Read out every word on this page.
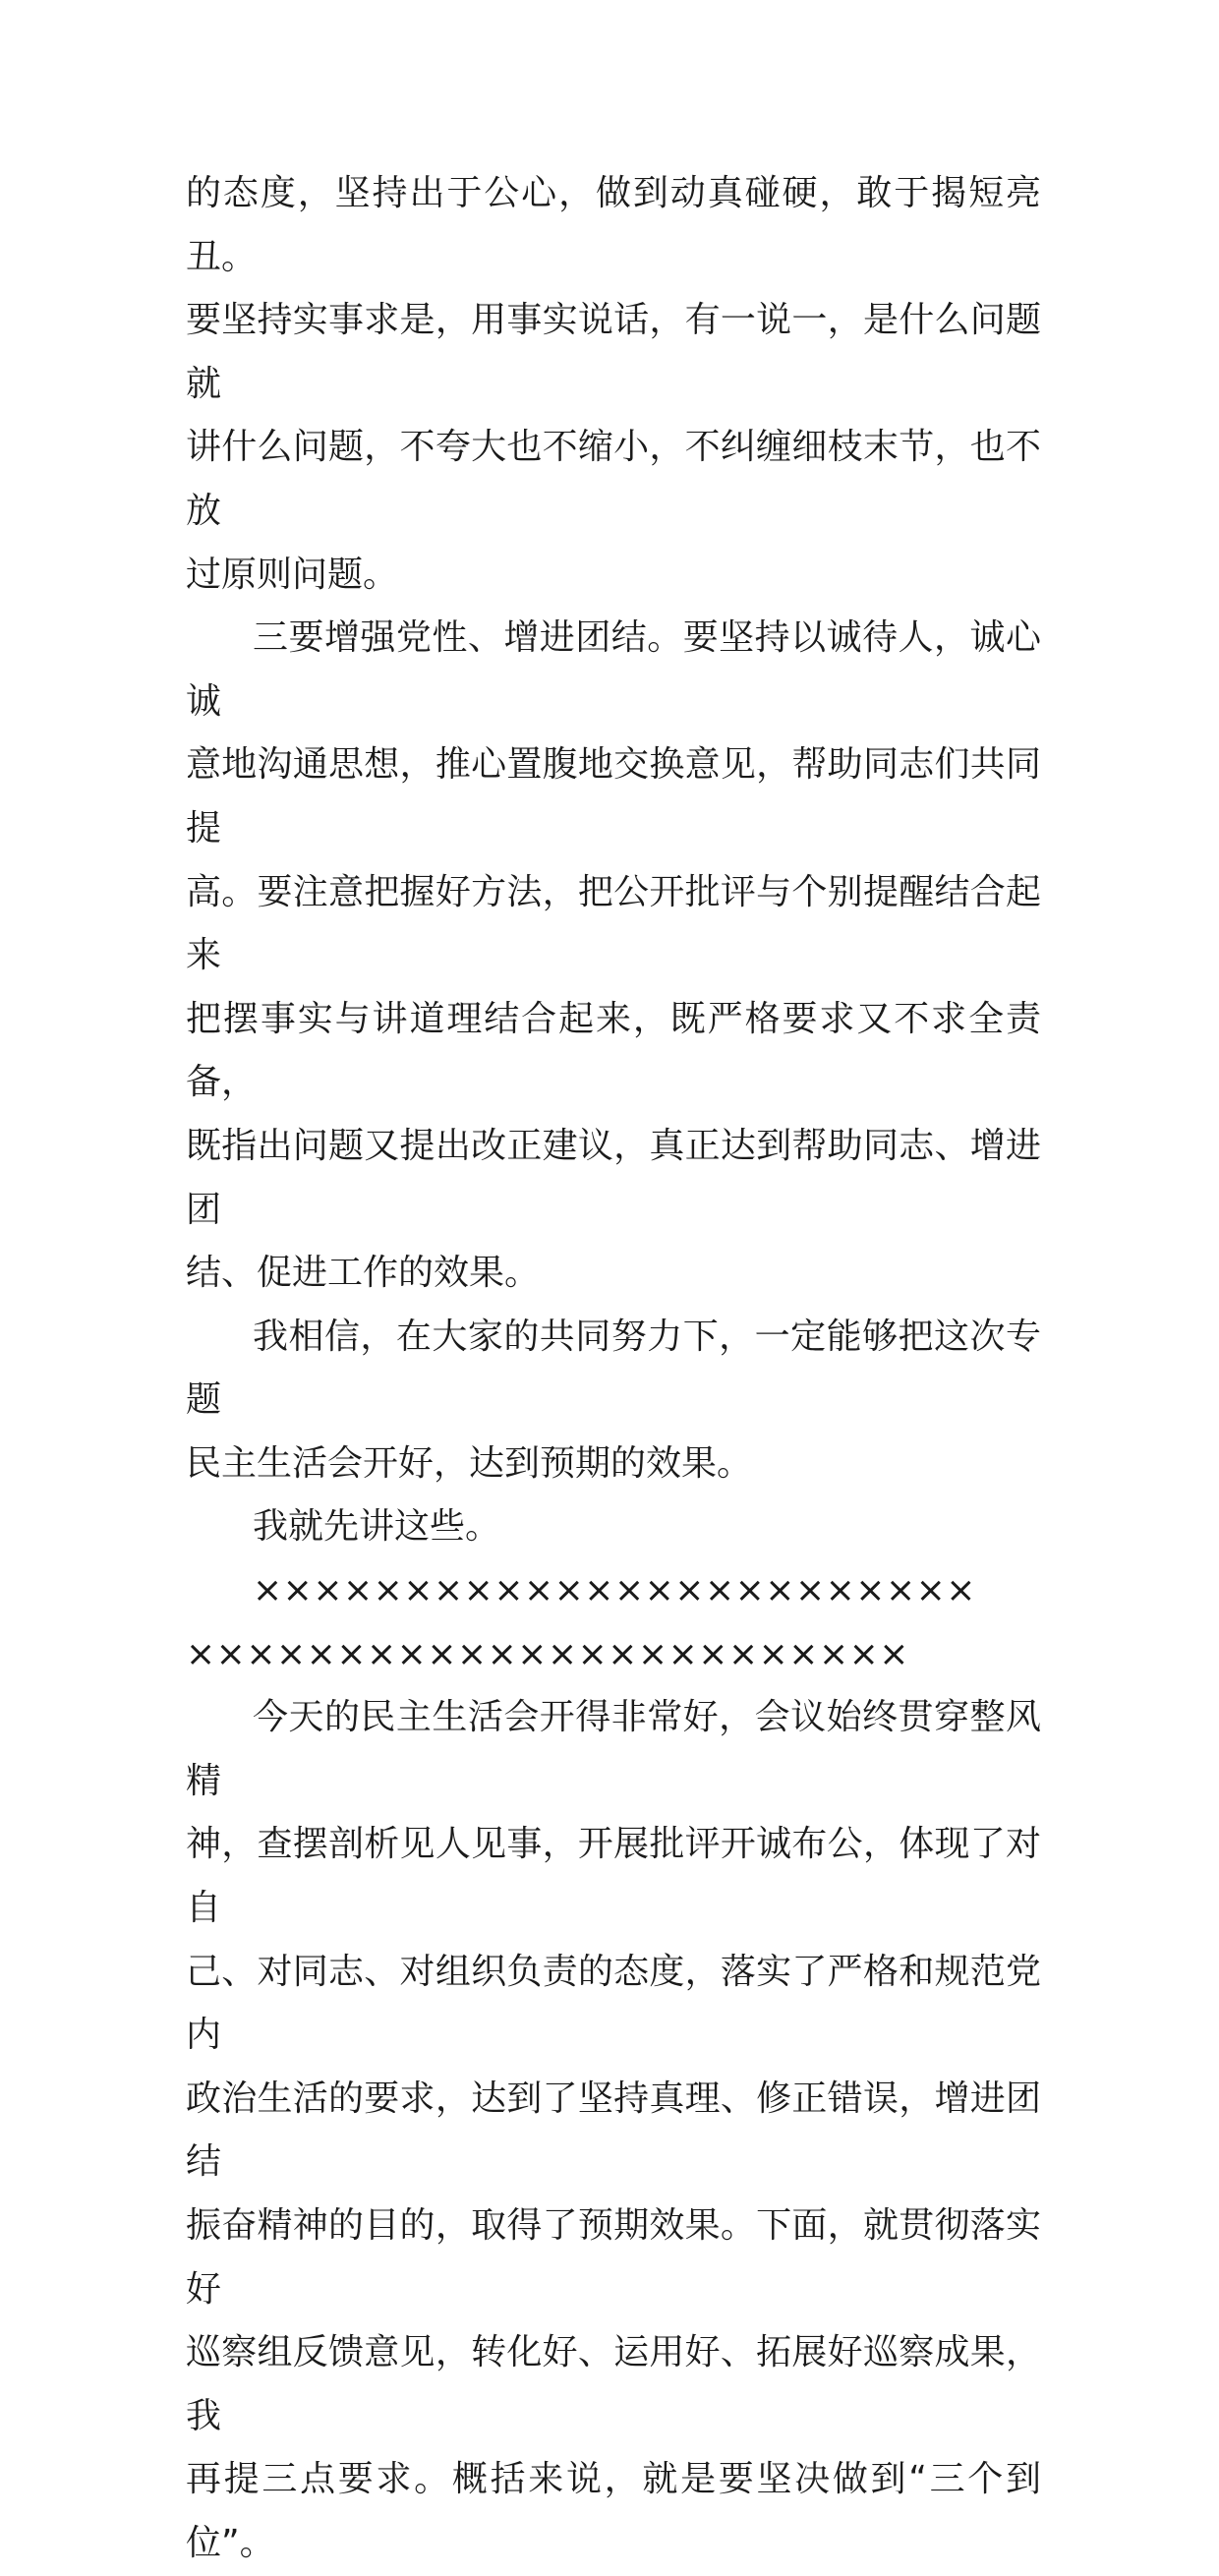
的态度，坚持出于公心，做到动真碰硬，敢于揭短亮丑。
要坚持实事求是，用事实说话，有一说一，是什么问题就
讲什么问题，不夸大也不缩小，不纠缠细枝末节，也不放
过原则问题。

三要增强党性、增进团结。要坚持以诚待人，诚心诚
意地沟通思想，推心置腹地交换意见，帮助同志们共同提
高。要注意把握好方法，把公开批评与个别提醒结合起来
把摆事实与讲道理结合起来，既严格要求又不求全责备，
既指出问题又提出改正建议，真正达到帮助同志、增进团
结、促进工作的效果。

我相信，在大家的共同努力下，一定能够把这次专题
民主生活会开好，达到预期的效果。

我就先讲这些。

××××××××××××××××××××××××
××××××××××××××××××××××××

今天的民主生活会开得非常好，会议始终贯穿整风精
神，查摆剖析见人见事，开展批评开诚布公，体现了对自
己、对同志、对组织负责的态度，落实了严格和规范党内
政治生活的要求，达到了坚持真理、修正错误，增进团结
振奋精神的目的，取得了预期效果。下面，就贯彻落实好
巡察组反馈意见，转化好、运用好、拓展好巡察成果，我
再提三点要求。概括来说，就是要坚决做到“三个到位”。
